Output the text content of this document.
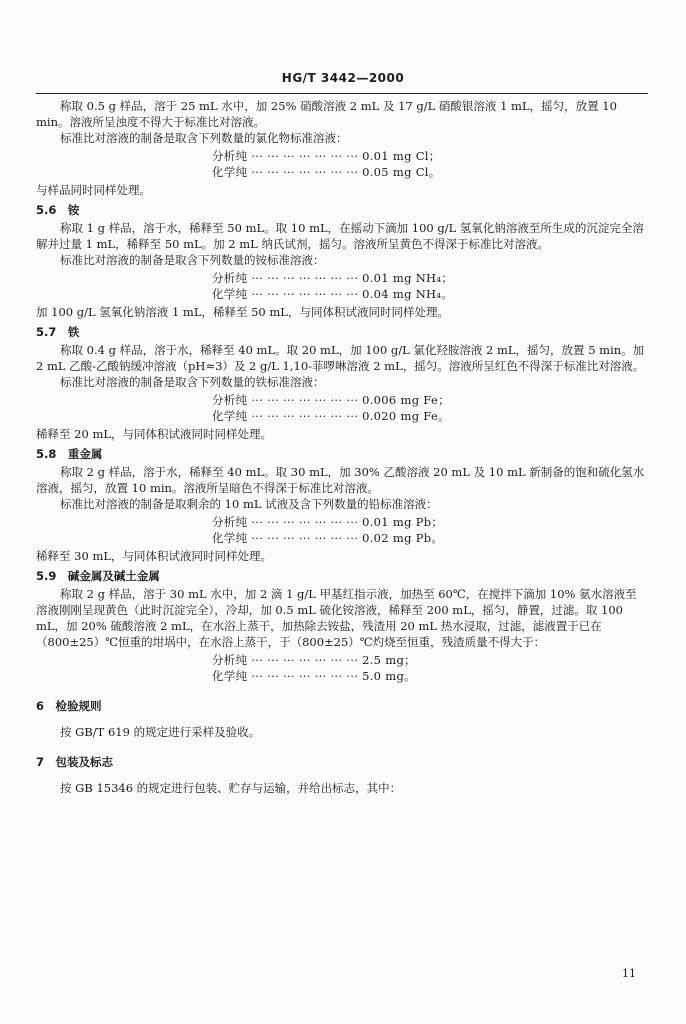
HG/T 3442—2000

称取 0.5 g 样品，溶于 25 mL 水中，加 25% 硝酸溶液 2 mL 及 17 g/L 硝酸银溶液 1 mL，摇匀，放置 10 min。溶液所呈浊度不得大于标准比对溶液。

标准比对溶液的制备是取含下列数量的氯化物标准溶液：

分析纯 ··· ··· ··· ··· ··· ··· ··· 0.01 mg Cl；
化学纯 ··· ··· ··· ··· ··· ··· ··· 0.05 mg Cl。

与样品同时同样处理。

5.6　铵

称取 1 g 样品，溶于水，稀释至 50 mL。取 10 mL，在摇动下滴加 100 g/L 氢氧化钠溶液至所生成的沉淀完全溶解并过量 1 mL，稀释至 50 mL。加 2 mL 纳氏试剂，摇匀。溶液所呈黄色不得深于标准比对溶液。

标准比对溶液的制备是取含下列数量的铵标准溶液：

分析纯 ··· ··· ··· ··· ··· ··· ··· 0.01 mg NH₄；
化学纯 ··· ··· ··· ··· ··· ··· ··· 0.04 mg NH₄。

加 100 g/L 氢氧化钠溶液 1 mL，稀释至 50 mL，与同体积试液同时同样处理。

5.7　铁

称取 0.4 g 样品，溶于水，稀释至 40 mL。取 20 mL，加 100 g/L 氯化羟胺溶液 2 mL，摇匀，放置 5 min。加 2 mL 乙酸-乙酸钠缓冲溶液（pH≈3）及 2 g/L 1,10-菲啰啉溶液 2 mL，摇匀。溶液所呈红色不得深于标准比对溶液。

标准比对溶液的制备是取含下列数量的铁标准溶液：

分析纯 ··· ··· ··· ··· ··· ··· ··· 0.006 mg Fe；
化学纯 ··· ··· ··· ··· ··· ··· ··· 0.020 mg Fe。

稀释至 20 mL，与同体积试液同时同样处理。

5.8　重金属

称取 2 g 样品，溶于水，稀释至 40 mL。取 30 mL，加 30% 乙酸溶液 20 mL 及 10 mL 新制备的饱和硫化氢水溶液，摇匀，放置 10 min。溶液所呈暗色不得深于标准比对溶液。

标准比对溶液的制备是取剩余的 10 mL 试液及含下列数量的铅标准溶液：

分析纯 ··· ··· ··· ··· ··· ··· ··· 0.01 mg Pb；
化学纯 ··· ··· ··· ··· ··· ··· ··· 0.02 mg Pb。

稀释至 30 mL，与同体积试液同时同样处理。

5.9　碱金属及碱土金属

称取 2 g 样品，溶于 30 mL 水中，加 2 滴 1 g/L 甲基红指示液，加热至 60℃，在搅拌下滴加 10% 氨水溶液至溶液刚刚呈现黄色（此时沉淀完全），冷却，加 0.5 mL 硫化铵溶液，稀释至 200 mL，摇匀，静置，过滤。取 100 mL，加 20% 硫酸溶液 2 mL，在水浴上蒸干，加热除去铵盐，残渣用 20 mL 热水浸取，过滤，滤液置于已在（800±25）℃恒重的坩埚中，在水浴上蒸干，于（800±25）℃灼烧至恒重，残渣质量不得大于：

分析纯 ··· ··· ··· ··· ··· ··· ··· 2.5 mg；
化学纯 ··· ··· ··· ··· ··· ··· ··· 5.0 mg。
6　检验规则

按 GB/T 619 的规定进行采样及验收。

7　包装及标志

按 GB 15346 的规定进行包装、贮存与运输，并给出标志，其中：

11
